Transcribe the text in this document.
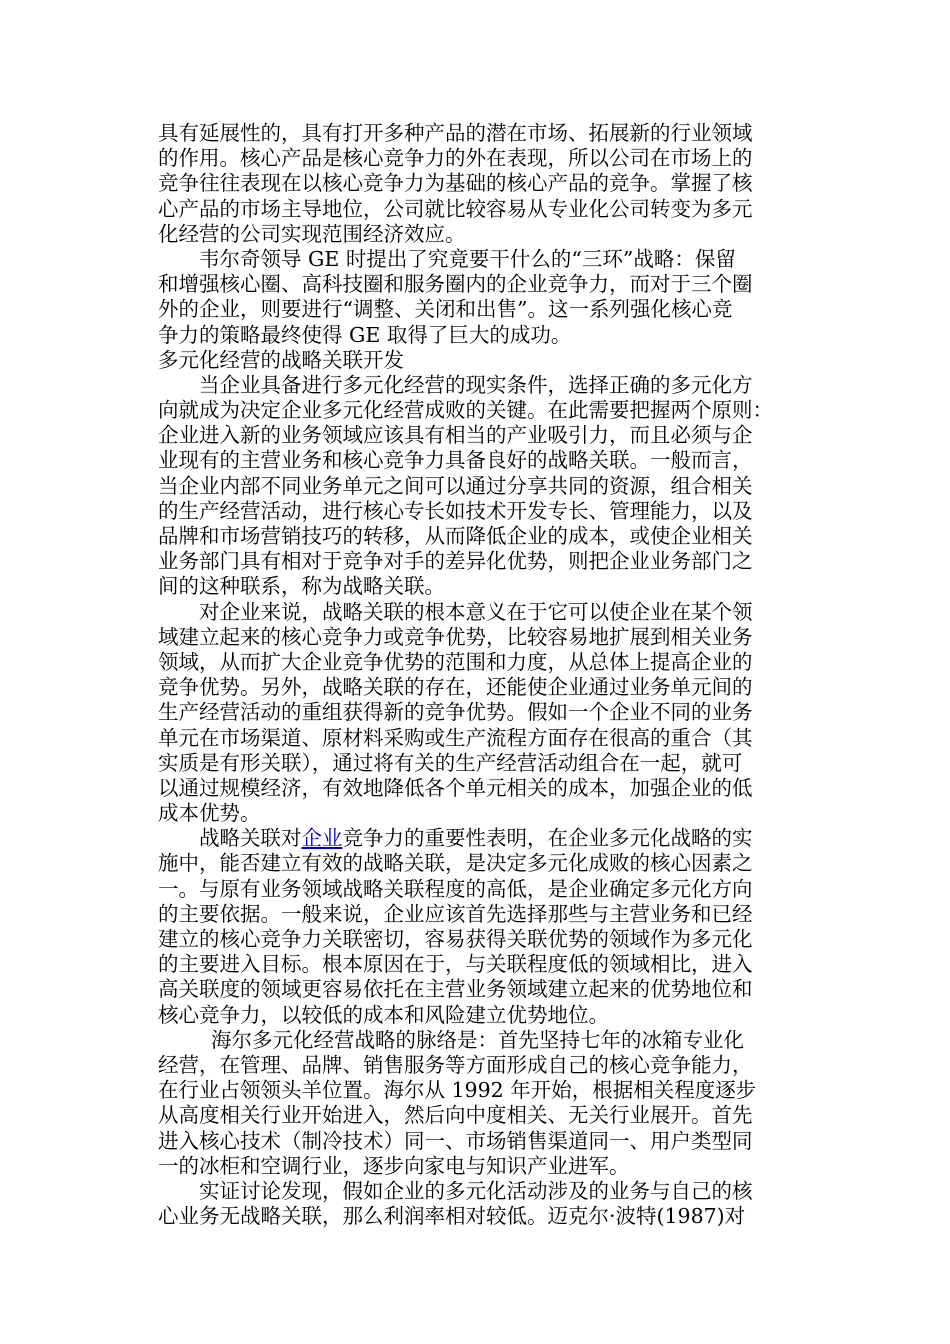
具有延展性的，具有打开多种产品的潜在市场、拓展新的行业领域
的作用。核心产品是核心竞争力的外在表现，所以公司在市场上的
竞争往往表现在以核心竞争力为基础的核心产品的竞争。掌握了核
心产品的市场主导地位，公司就比较容易从专业化公司转变为多元
化经营的公司实现范围经济效应。
韦尔奇领导 GE 时提出了究竟要干什么的“三环”战略：保留
和增强核心圈、高科技圈和服务圈内的企业竞争力，而对于三个圈
外的企业，则要进行“调整、关闭和出售”。这一系列强化核心竞
争力的策略最终使得 GE 取得了巨大的成功。
多元化经营的战略关联开发
当企业具备进行多元化经营的现实条件，选择正确的多元化方
向就成为决定企业多元化经营成败的关键。在此需要把握两个原则：
企业进入新的业务领域应该具有相当的产业吸引力，而且必须与企
业现有的主营业务和核心竞争力具备良好的战略关联。一般而言，
当企业内部不同业务单元之间可以通过分享共同的资源，组合相关
的生产经营活动，进行核心专长如技术开发专长、管理能力，以及
品牌和市场营销技巧的转移，从而降低企业的成本，或使企业相关
业务部门具有相对于竞争对手的差异化优势，则把企业业务部门之
间的这种联系，称为战略关联。
对企业来说，战略关联的根本意义在于它可以使企业在某个领
域建立起来的核心竞争力或竞争优势，比较容易地扩展到相关业务
领域，从而扩大企业竞争优势的范围和力度，从总体上提高企业的
竞争优势。另外，战略关联的存在，还能使企业通过业务单元间的
生产经营活动的重组获得新的竞争优势。假如一个企业不同的业务
单元在市场渠道、原材料采购或生产流程方面存在很高的重合（其
实质是有形关联），通过将有关的生产经营活动组合在一起，就可
以通过规模经济，有效地降低各个单元相关的成本，加强企业的低
成本优势。
战略关联对企业竞争力的重要性表明，在企业多元化战略的实
施中，能否建立有效的战略关联，是决定多元化成败的核心因素之
一。与原有业务领域战略关联程度的高低，是企业确定多元化方向
的主要依据。一般来说，企业应该首先选择那些与主营业务和已经
建立的核心竞争力关联密切，容易获得关联优势的领域作为多元化
的主要进入目标。根本原因在于，与关联程度低的领域相比，进入
高关联度的领域更容易依托在主营业务领域建立起来的优势地位和
核心竞争力，以较低的成本和风险建立优势地位。
海尔多元化经营战略的脉络是：首先坚持七年的冰箱专业化
经营，在管理、品牌、销售服务等方面形成自己的核心竞争能力，
在行业占领领头羊位置。海尔从 1992 年开始，根据相关程度逐步
从高度相关行业开始进入，然后向中度相关、无关行业展开。首先
进入核心技术（制冷技术）同一、市场销售渠道同一、用户类型同
一的冰柜和空调行业，逐步向家电与知识产业进军。
实证讨论发现，假如企业的多元化活动涉及的业务与自己的核
心业务无战略关联，那么利润率相对较低。迈克尔·波特(1987)对
